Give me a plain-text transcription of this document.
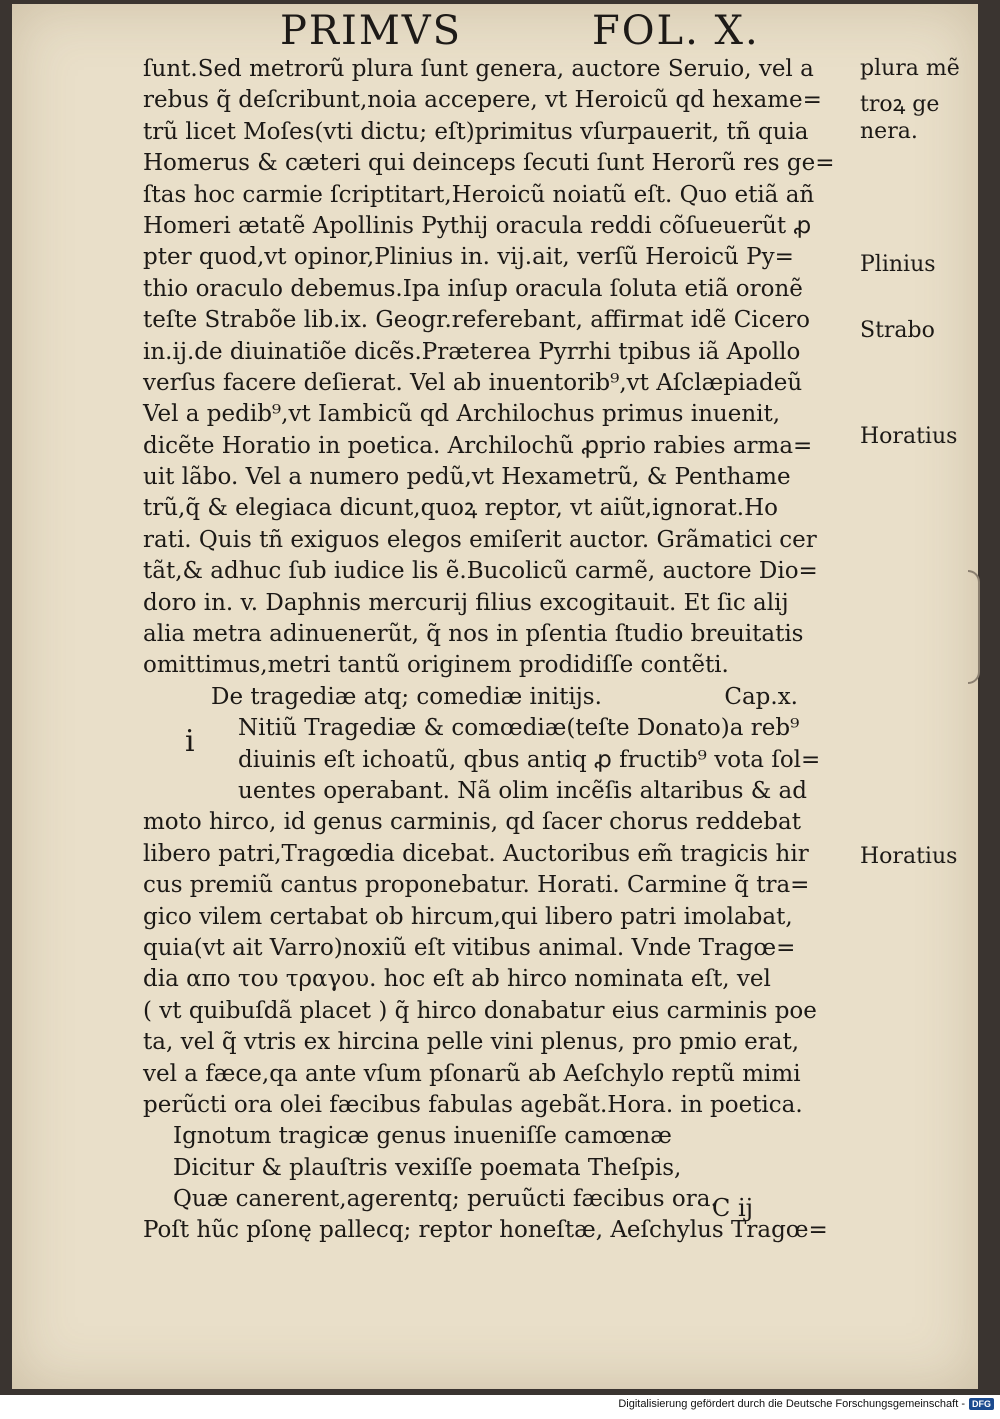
PRIMVS	FOL. X.
ſunt.Sed metrorũ plura ſunt genera, auctore Seruio, vel a
rebus q̃ deſcribunt,noia accepere, vt Heroicũ qd hexame=
trũ licet Moſes(vti dictu; eſt)primitus vſurpauerit, tñ quia
Homerus & cæteri qui deinceps ſecuti ſunt Herorũ res ge=
ſtas hoc carmie ſcriptitart,Heroicũ noiatũ eſt. Quo etiã añ
Homeri ætatẽ Apollinis Pythij oracula reddi cõſueuerũt ꝓ
pter quod,vt opinor,Plinius in. vij.ait, verſũ Heroicũ Py=
thio oraculo debemus.Ipa inſup oracula ſoluta etiã oronẽ
teſte Strabõe lib.ix. Geogr.referebant, affirmat idẽ Cicero
in.ij.de diuinatiõe dicẽs.Præterea Pyrrhi tpibus iã Apollo
verſus facere deſierat. Vel ab inuentorib⁹,vt Aſclæpiadeũ
Vel a pedib⁹,vt Iambicũ qd Archilochus primus inuenit,
dicẽte Horatio in poetica. Archilochũ ꝓprio rabies arma=
uit lãbo. Vel a numero pedũ,vt Hexametrũ, & Penthame
trũ,q̃ & elegiaca dicunt,quoꝝ reptor, vt aiũt,ignorat.Ho
rati. Quis tñ exiguos elegos emiſerit auctor. Grãmatici cer
tãt,& adhuc ſub iudice lis ẽ.Bucolicũ carmẽ, auctore Dio=
doro in. v. Daphnis mercurij filius excogitauit. Et ſic alij
alia metra adinuenerũt, q̃ nos in pſentia ſtudio breuitatis
omittimus,metri tantũ originem prodidiſſe contẽti.
De tragediæ atq; comediæ initijs.	Cap.x.
Nitiũ Tragediæ & comœdiæ(teſte Donato)a reb⁹
diuinis eſt ichoatũ, qbus antiq ꝓ fructib⁹ vota ſol=
uentes operabant. Nã olim incẽſis altaribus & ad
moto hirco, id genus carminis, qd ſacer chorus reddebat
libero patri,Tragœdia dicebat. Auctoribus em̃ tragicis hir
cus premiũ cantus proponebatur. Horati. Carmine q̃ tra=
gico vilem certabat ob hircum,qui libero patri imolabat,
quia(vt ait Varro)noxiũ eſt vitibus animal. Vnde Tragœ=
dia απο του τραγου. hoc eſt ab hirco nominata eſt, vel
( vt quibuſdã placet ) q̃ hirco donabatur eius carminis poe
ta, vel q̃ vtris ex hircina pelle vini plenus, pro pmio erat,
vel a fæce,qa ante vſum pſonarũ ab Aeſchylo reptũ mimi
perũcti ora olei fæcibus fabulas agebãt.Hora. in poetica.
Ignotum tragicæ genus inueniſſe camœnæ
Dicitur & plauſtris vexiſſe poemata Theſpis,
Quæ canerent,agerentq; peruũcti fæcibus ora.
Poſt hũc pſonę pallecq; reptor honeſtæ, Aeſchylus Tragœ=
i
C ij
plura mẽ
troꝝ ge
nera.
Plinius
Strabo
Horatius
Horatius
Digitalisierung gefördert durch die Deutsche Forschungsgemeinschaft - DFG
